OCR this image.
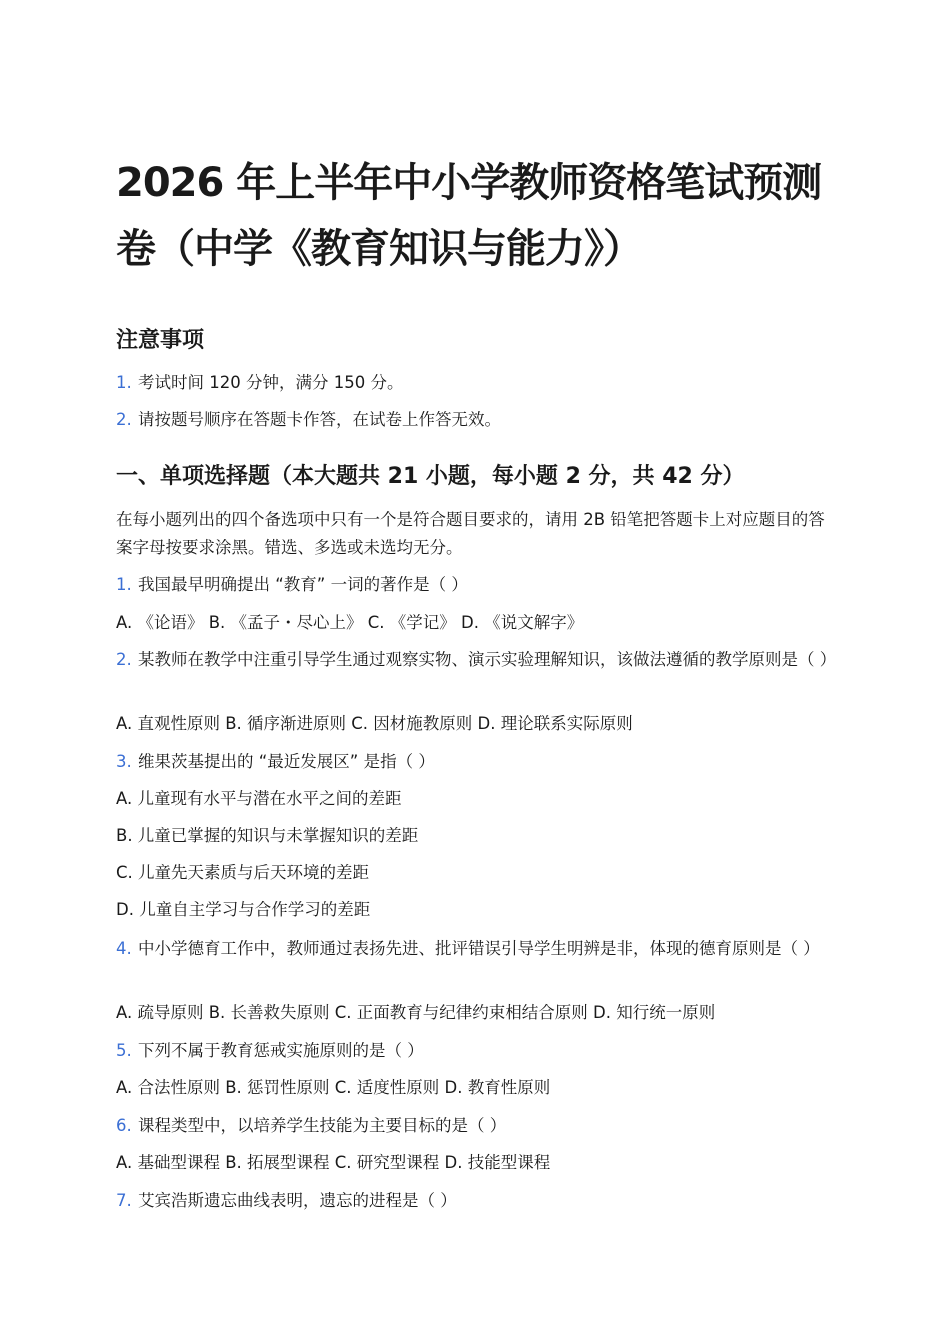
2026 年上半年中小学教师资格笔试预测卷（中学《教育知识与能力》）
注意事项
1. 考试时间 120 分钟，满分 150 分。
2. 请按题号顺序在答题卡作答，在试卷上作答无效。
一、单项选择题（本大题共 21 小题，每小题 2 分，共 42 分）
在每小题列出的四个备选项中只有一个是符合题目要求的，请用 2B 铅笔把答题卡上对应题目的答案字母按要求涂黑。错选、多选或未选均无分。
1. 我国最早明确提出 “教育” 一词的著作是（ ）
A. 《论语》 B. 《孟子・尽心上》 C. 《学记》 D. 《说文解字》
2. 某教师在教学中注重引导学生通过观察实物、演示实验理解知识，该做法遵循的教学原则是（ ）
A. 直观性原则 B. 循序渐进原则 C. 因材施教原则 D. 理论联系实际原则
3. 维果茨基提出的 “最近发展区” 是指（ ）
A. 儿童现有水平与潜在水平之间的差距
B. 儿童已掌握的知识与未掌握知识的差距
C. 儿童先天素质与后天环境的差距
D. 儿童自主学习与合作学习的差距
4. 中小学德育工作中，教师通过表扬先进、批评错误引导学生明辨是非，体现的德育原则是（ ）
A. 疏导原则 B. 长善救失原则 C. 正面教育与纪律约束相结合原则 D. 知行统一原则
5. 下列不属于教育惩戒实施原则的是（ ）
A. 合法性原则 B. 惩罚性原则 C. 适度性原则 D. 教育性原则
6. 课程类型中，以培养学生技能为主要目标的是（ ）
A. 基础型课程 B. 拓展型课程 C. 研究型课程 D. 技能型课程
7. 艾宾浩斯遗忘曲线表明，遗忘的进程是（ ）
